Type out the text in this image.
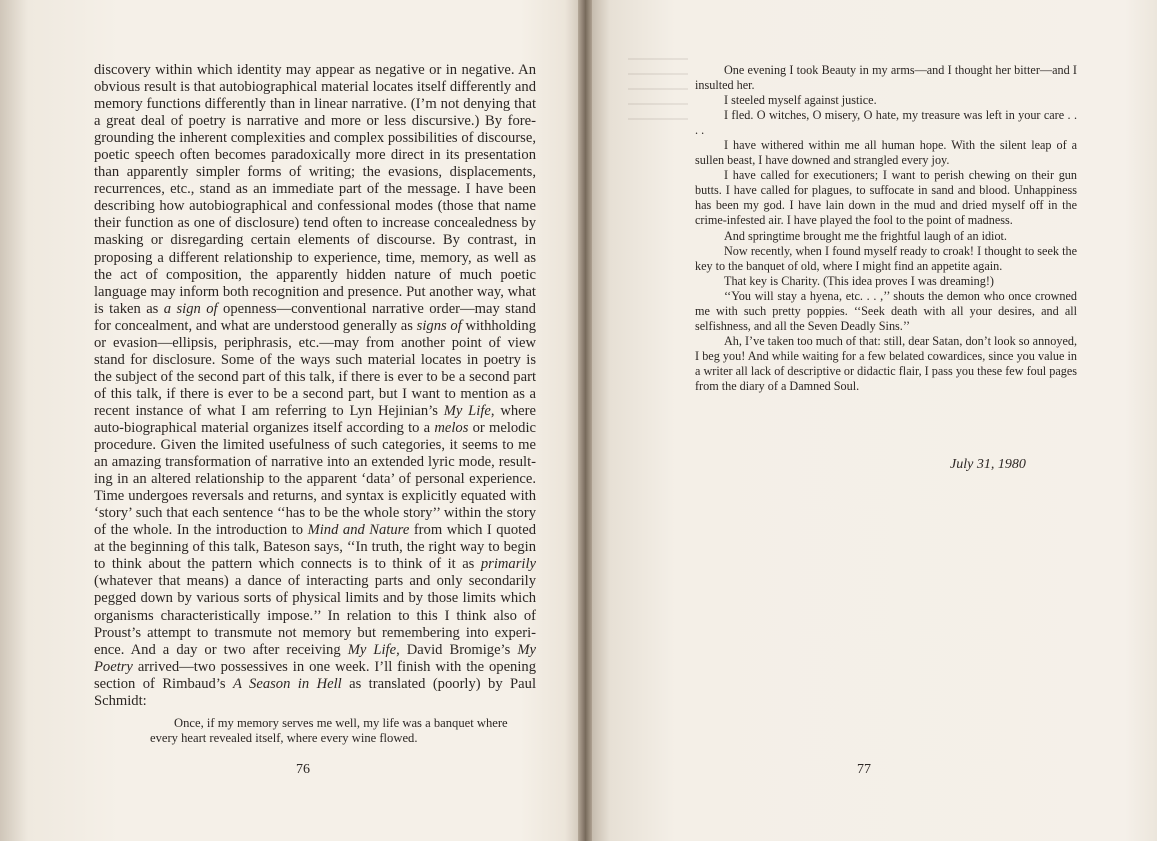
discovery within which identity may appear as negative or in negative. An obvious result is that autobiographical material locates itself differently and memory functions differently than in linear narrative. (I’m not denying that a great deal of poetry is narrative and more or less discursive.) By fore-grounding the inherent complexities and complex possibilities of discourse, poetic speech often becomes paradoxically more direct in its presentation than apparently simpler forms of writing; the evasions, displacements, recurrences, etc., stand as an immediate part of the message. I have been describing how autobiographical and confessional modes (those that name their function as one of disclosure) tend often to increase concealedness by masking or disregarding certain elements of discourse. By contrast, in proposing a different relationship to experience, time, memory, as well as the act of composition, the apparently hidden nature of much poetic language may inform both recognition and presence. Put another way, what is taken as a sign of openness—conventional narrative order—may stand for concealment, and what are understood generally as signs of withholding or evasion—ellipsis, periphrasis, etc.—may from another point of view stand for disclosure. Some of the ways such material locates in poetry is the subject of the second part of this talk, if there is ever to be a second part of this talk, if there is ever to be a second part, but I want to mention as a recent instance of what I am referring to Lyn Hejinian’s My Life, where auto-biographical material organizes itself according to a melos or melodic procedure. Given the limited usefulness of such categories, it seems to me an amazing transformation of narrative into an extended lyric mode, result-ing in an altered relationship to the apparent ‘data’ of personal experience. Time undergoes reversals and returns, and syntax is explicitly equated with ‘story’ such that each sentence ‘‘has to be the whole story’’ within the story of the whole. In the introduction to Mind and Nature from which I quoted at the beginning of this talk, Bateson says, ‘‘In truth, the right way to begin to think about the pattern which connects is to think of it as primarily (whatever that means) a dance of interacting parts and only secondarily pegged down by various sorts of physical limits and by those limits which organisms characteristically impose.’’ In relation to this I think also of Proust’s attempt to transmute not memory but remembering into experi-ence. And a day or two after receiving My Life, David Bromige’s My Poetry arrived—two possessives in one week. I’ll finish with the opening section of Rimbaud’s A Season in Hell as translated (poorly) by Paul Schmidt:

Once, if my memory serves me well, my life was a banquet where
every heart revealed itself, where every wine flowed.
76

One evening I took Beauty in my arms—and I thought her bitter—and I insulted her.

I steeled myself against justice.

I fled. O witches, O misery, O hate, my treasure was left in your care . . . .

I have withered within me all human hope. With the silent leap of a sullen beast, I have downed and strangled every joy.

I have called for executioners; I want to perish chewing on their gun butts. I have called for plagues, to suffocate in sand and blood. Unhappiness has been my god. I have lain down in the mud and dried myself off in the crime-infested air. I have played the fool to the point of madness.

And springtime brought me the frightful laugh of an idiot.

Now recently, when I found myself ready to croak! I thought to seek the key to the banquet of old, where I might find an appetite again.

That key is Charity. (This idea proves I was dreaming!)

‘‘You will stay a hyena, etc. . . ,’’ shouts the demon who once crowned me with such pretty poppies. ‘‘Seek death with all your desires, and all selfishness, and all the Seven Deadly Sins.’’

Ah, I’ve taken too much of that: still, dear Satan, don’t look so annoyed, I beg you! And while waiting for a few belated cowardices, since you value in a writer all lack of descriptive or didactic flair, I pass you these few foul pages from the diary of a Damned Soul.

July 31, 1980
77
